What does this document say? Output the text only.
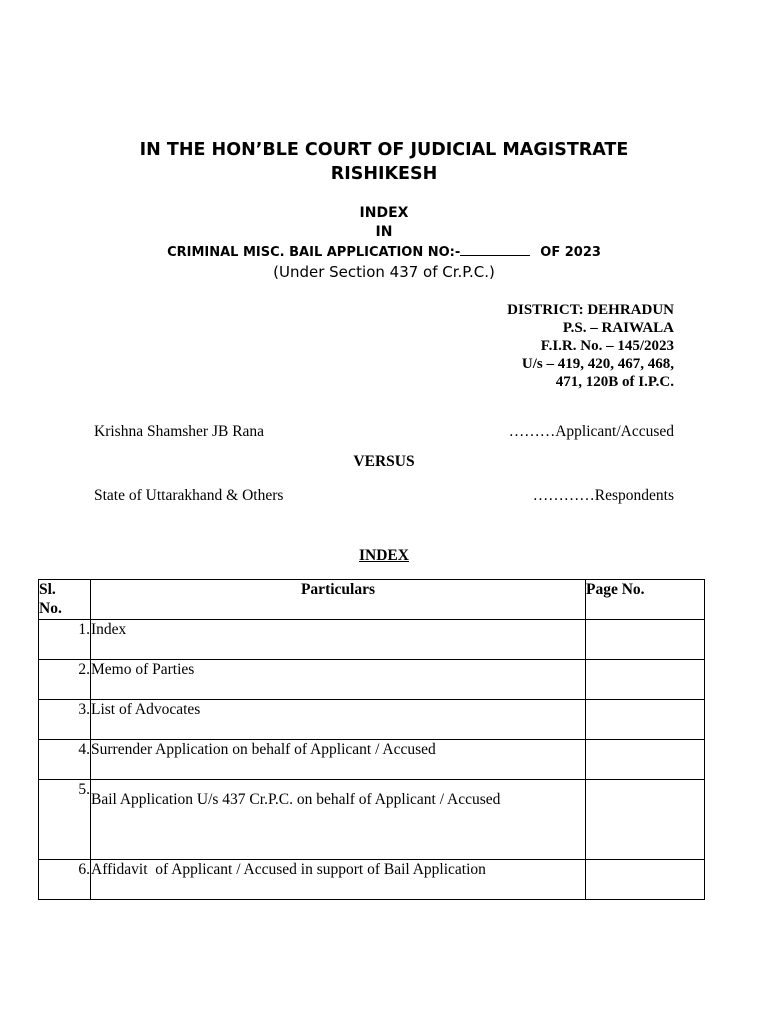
IN THE HON’BLE COURT OF JUDICIAL MAGISTRATE
RISHIKESH
INDEX
IN
CRIMINAL MISC. BAIL APPLICATION NO:-	OF 2023
(Under Section 437 of Cr.P.C.)
DISTRICT: DEHRADUN
P.S. – RAIWALA
F.I.R. No. – 145/2023
U/s – 419, 420, 467, 468,
471, 120B of I.P.C.
Krishna Shamsher JB Rana	………Applicant/Accused
VERSUS
State of Uttarakhand & Others	…………Respondents
INDEX
Sl.
No.	Particulars	Page No.
1.	Index	
2.	Memo of Parties	
3.	List of Advocates	
4.	Surrender Application on behalf of Applicant / Accused	
5.	Bail Application U/s 437 Cr.P.C. on behalf of Applicant / Accused	
6.	Affidavit  of Applicant / Accused in support of Bail Application	
